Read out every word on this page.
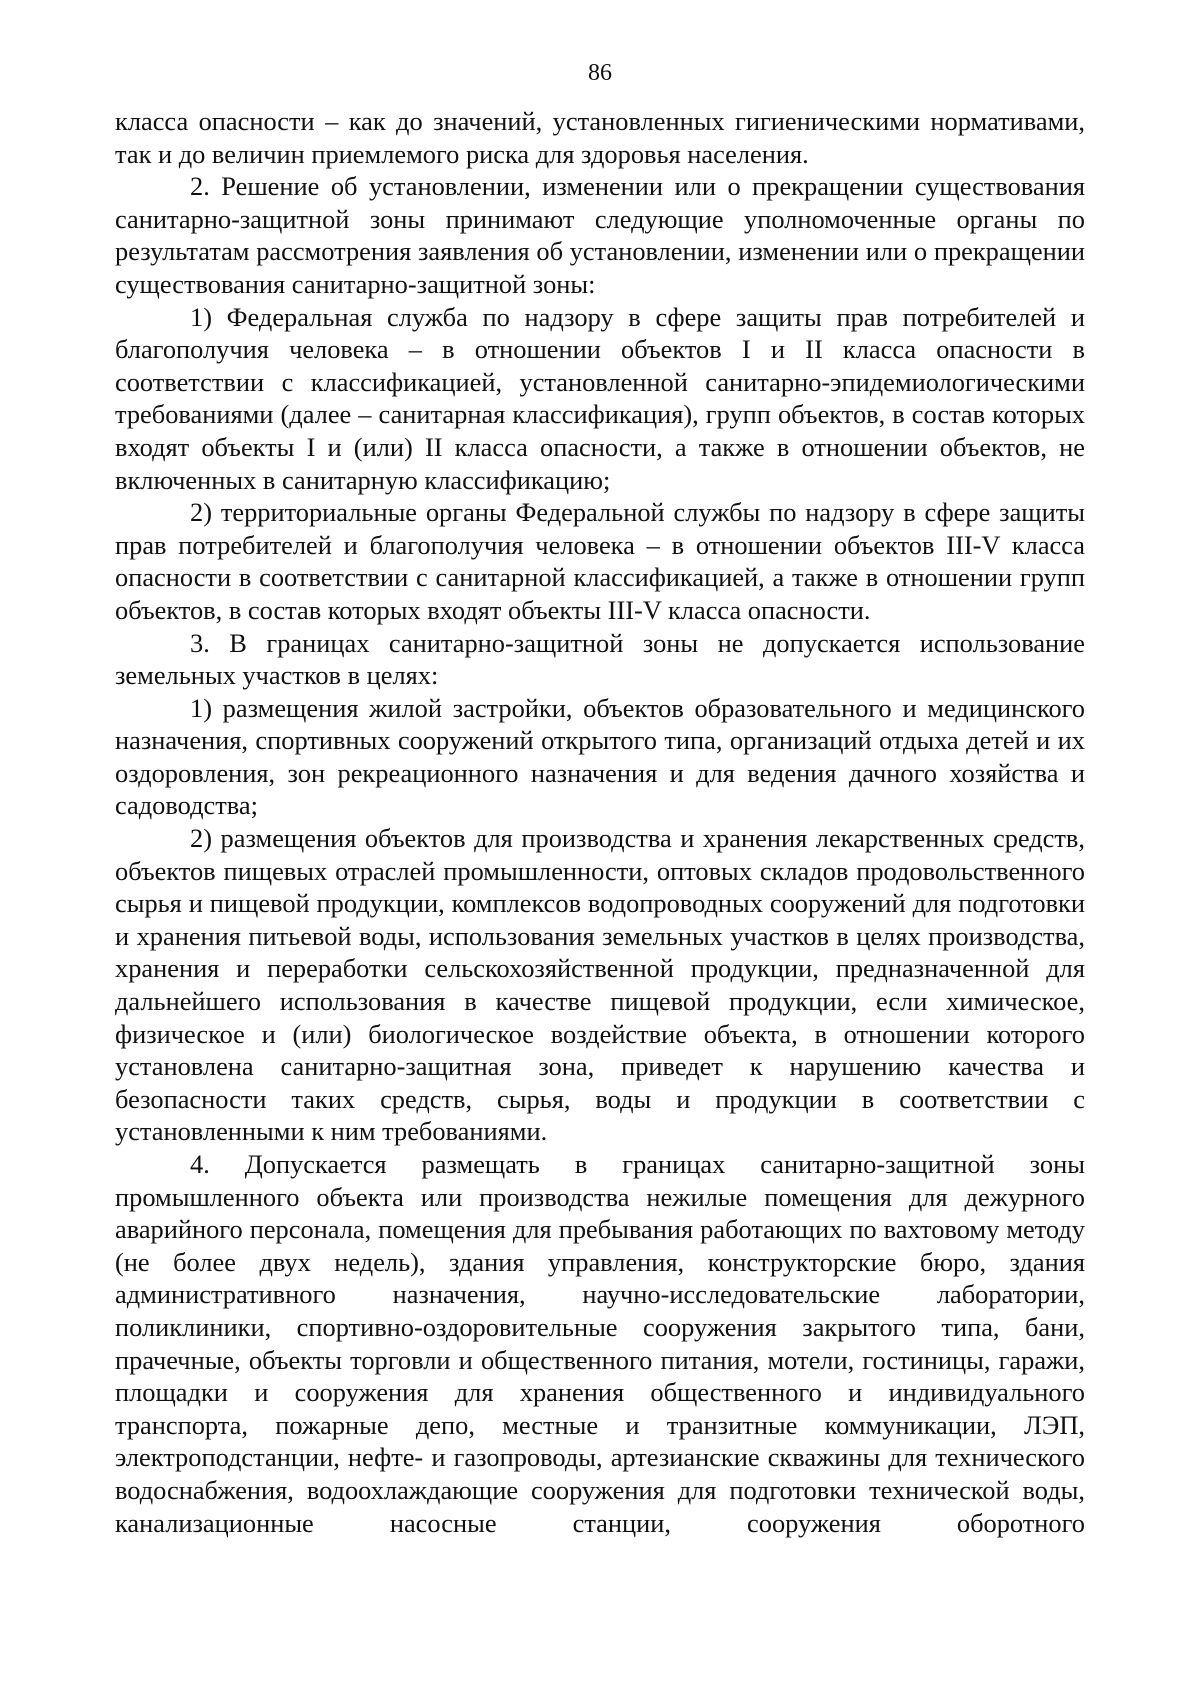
86

класса опасности – как до значений, установленных гигиеническими нормативами, так и до величин приемлемого риска для здоровья населения.

2. Решение об установлении, изменении или о прекращении существования санитарно-защитной зоны принимают следующие уполномоченные органы по результатам рассмотрения заявления об установлении, изменении или о прекращении существования санитарно-защитной зоны:

1) Федеральная служба по надзору в сфере защиты прав потребителей и благополучия человека – в отношении объектов I и II класса опасности в соответствии с классификацией, установленной санитарно-эпидемиологическими требованиями (далее – санитарная классификация), групп объектов, в состав которых входят объекты I и (или) II класса опасности, а также в отношении объектов, не включенных в санитарную классификацию;

2) территориальные органы Федеральной службы по надзору в сфере защиты прав потребителей и благополучия человека – в отношении объектов III-V класса опасности в соответствии с санитарной классификацией, а также в отношении групп объектов, в состав которых входят объекты III-V класса опасности.

3. В границах санитарно-защитной зоны не допускается использование земельных участков в целях:

1) размещения жилой застройки, объектов образовательного и медицинского назначения, спортивных сооружений открытого типа, организаций отдыха детей и их оздоровления, зон рекреационного назначения и для ведения дачного хозяйства и садоводства;

2) размещения объектов для производства и хранения лекарственных средств, объектов пищевых отраслей промышленности, оптовых складов продовольственного сырья и пищевой продукции, комплексов водопроводных сооружений для подготовки и хранения питьевой воды, использования земельных участков в целях производства, хранения и переработки сельскохозяйственной продукции, предназначенной для дальнейшего использования в качестве пищевой продукции, если химическое, физическое и (или) биологическое воздействие объекта, в отношении которого установлена санитарно-защитная зона, приведет к нарушению качества и безопасности таких средств, сырья, воды и продукции в соответствии с установленными к ним требованиями.

4. Допускается размещать в границах санитарно-защитной зоны промышленного объекта или производства нежилые помещения для дежурного аварийного персонала, помещения для пребывания работающих по вахтовому методу (не более двух недель), здания управления, конструкторские бюро, здания административного назначения, научно-исследовательские лаборатории, поликлиники, спортивно-оздоровительные сооружения закрытого типа, бани, прачечные, объекты торговли и общественного питания, мотели, гостиницы, гаражи, площадки и сооружения для хранения общественного и индивидуального транспорта, пожарные депо, местные и транзитные коммуникации, ЛЭП, электроподстанции, нефте- и газопроводы, артезианские скважины для технического водоснабжения, водоохлаждающие сооружения для подготовки технической воды, канализационные насосные станции, сооружения оборотного
